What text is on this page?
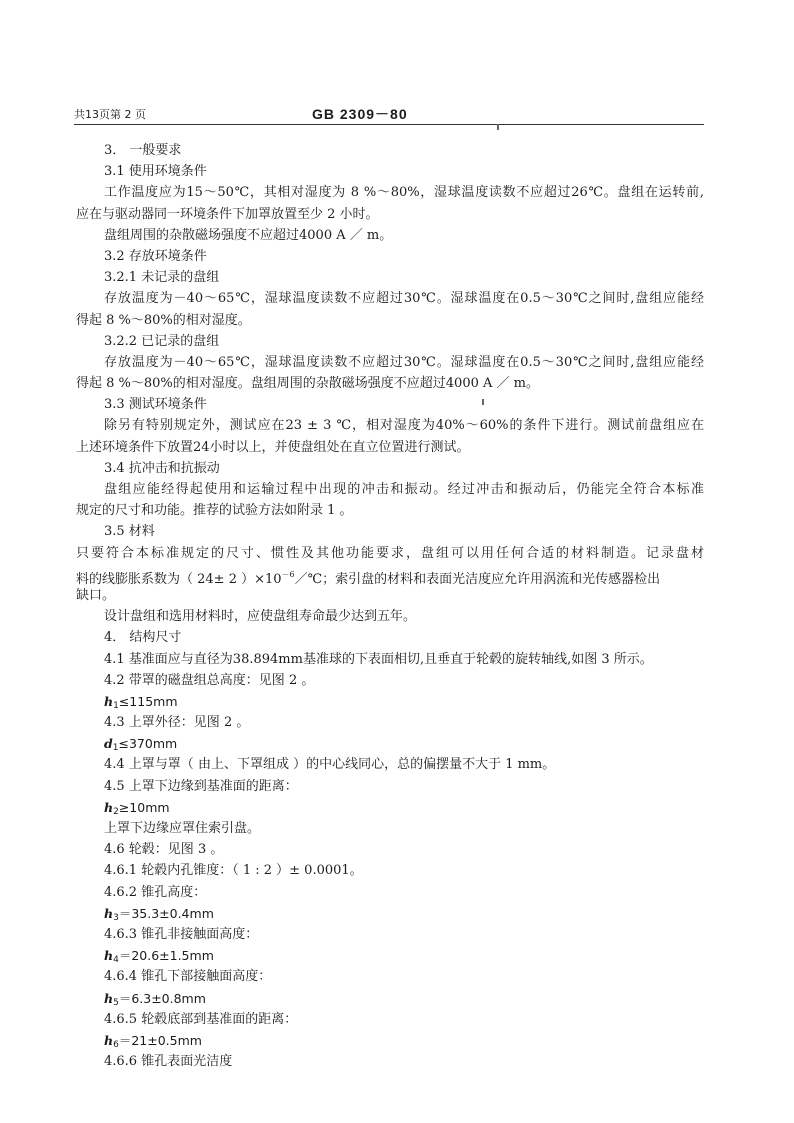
共13页第 2 页	GB 2309－80
3． 一般要求
3.1 使用环境条件
工作温度应为15～50℃，其相对湿度为 8 %～80%，湿球温度读数不应超过26℃。盘组在运转前,
应在与驱动器同一环境条件下加罩放置至少 2 小时。
盘组周围的杂散磁场强度不应超过4000 A ／ m。
3.2 存放环境条件
3.2.1 未记录的盘组
存放温度为－40～65℃，湿球温度读数不应超过30℃。湿球温度在0.5～30℃之间时,盘组应能经
得起 8 %～80%的相对湿度。
3.2.2 已记录的盘组
存放温度为－40～65℃，湿球温度读数不应超过30℃。湿球温度在0.5～30℃之间时,盘组应能经
得起 8 %～80%的相对湿度。盘组周围的杂散磁场强度不应超过4000 A ／ m。
3.3 测试环境条件
除另有特别规定外，测试应在23 ± 3 ℃，相对湿度为40%～60%的条件下进行。测试前盘组应在
上述环境条件下放置24小时以上，并使盘组处在直立位置进行测试。
3.4 抗冲击和抗振动
盘组应能经得起使用和运输过程中出现的冲击和振动。经过冲击和振动后，仍能完全符合本标准
规定的尺寸和功能。推荐的试验方法如附录 1 。
3.5 材料
只要符合本标准规定的尺寸、惯性及其他功能要求，盘组可以用任何合适的材料制造。记录盘材
料的线膨胀系数为（ 24± 2 ）$\times 10^{-6}/℃$；索引盘的材料和表面光洁度应允许用涡流和光传感器检出
缺口。
设计盘组和选用材料时，应使盘组寿命最少达到五年。
4． 结构尺寸
4.1 基准面应与直径为38.894mm基准球的下表面相切,且垂直于轮毂的旋转轴线,如图 3 所示。
4.2 带罩的磁盘组总高度：见图 2 。
$h_1\le 115mm$
4.3 上罩外径：见图 2 。
$d_1\le 370mm$
4.4 上罩与罩（ 由上、下罩组成 ）的中心线同心，总的偏摆量不大于 1 mm。
4.5 上罩下边缘到基准面的距离：
$h_2\ge 10mm$
上罩下边缘应罩住索引盘。
4.6 轮毂：见图 3 。
4.6.1 轮毂内孔锥度：（ 1 : 2 ）± 0.0001。
4.6.2 锥孔高度：
$h_3=35.3\pm 0.4mm$
4.6.3 锥孔非接触面高度：
$h_4=20.6\pm 1.5mm$
4.6.4 锥孔下部接触面高度：
$h_5=6.3\pm 0.8mm$
4.6.5 轮毂底部到基准面的距离：
$h_6=21\pm 0.5mm$
4.6.6 锥孔表面光洁度
